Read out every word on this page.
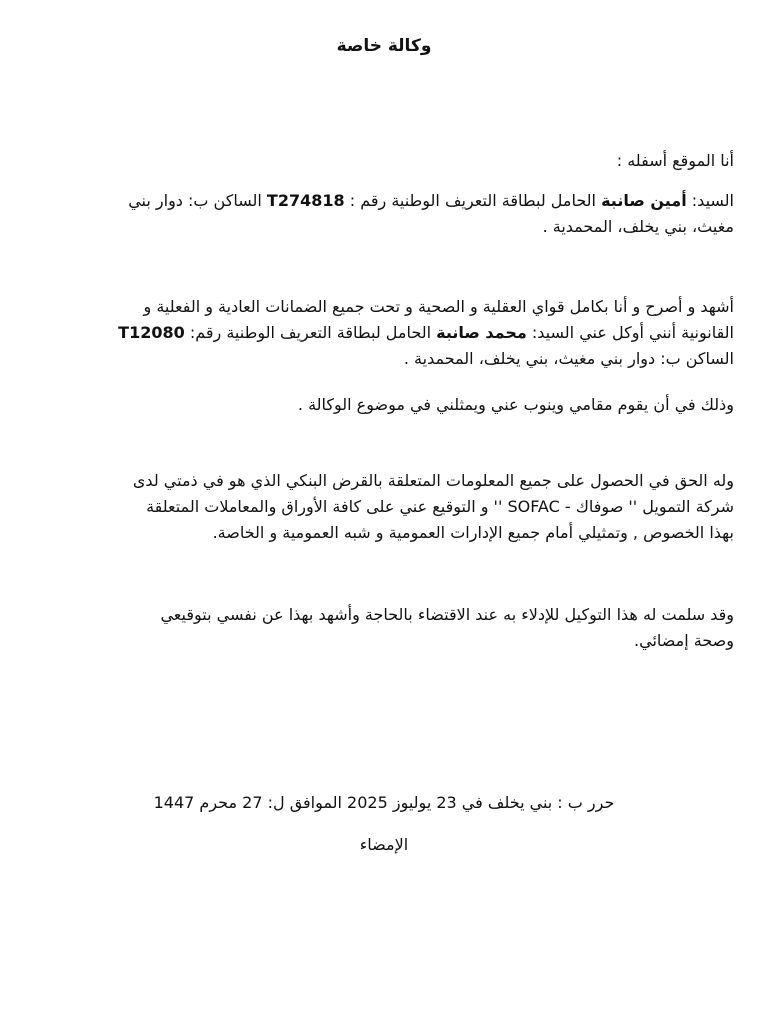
وكالة خاصة

أنا الموقع أسفله :

السيد: أمين صانبة الحامل لبطاقة التعريف الوطنية رقم : T274818 الساكن ب: دوار بني
مغيث، بني يخلف، المحمدية .

أشهد و أصرح و أنا بكامل قواي العقلية و الصحية و تحت جميع الضمانات العادية و الفعلية و
القانونية أنني أوكل عني السيد: محمد صانبة الحامل لبطاقة التعريف الوطنية رقم: T12080
الساكن ب: دوار بني مغيث، بني يخلف، المحمدية .

وذلك في أن يقوم مقامي وينوب عني ويمثلني في موضوع الوكالة .

وله الحق في الحصول على جميع المعلومات المتعلقة بالقرض البنكي الذي هو في ذمتي لدى
شركة التمويل '' صوفاك - SOFAC '' و التوقيع عني على كافة الأوراق والمعاملات المتعلقة
بهذا الخصوص , وتمثيلي أمام جميع الإدارات العمومية و شبه العمومية و الخاصة.

وقد سلمت له هذا التوكيل للإدلاء به عند الاقتضاء بالحاجة وأشهد بهذا عن نفسي بتوقيعي
وصحة إمضائي.

حرر ب : بني يخلف في 23 يوليوز 2025 الموافق ل: 27 محرم 1447
الإمضاء
